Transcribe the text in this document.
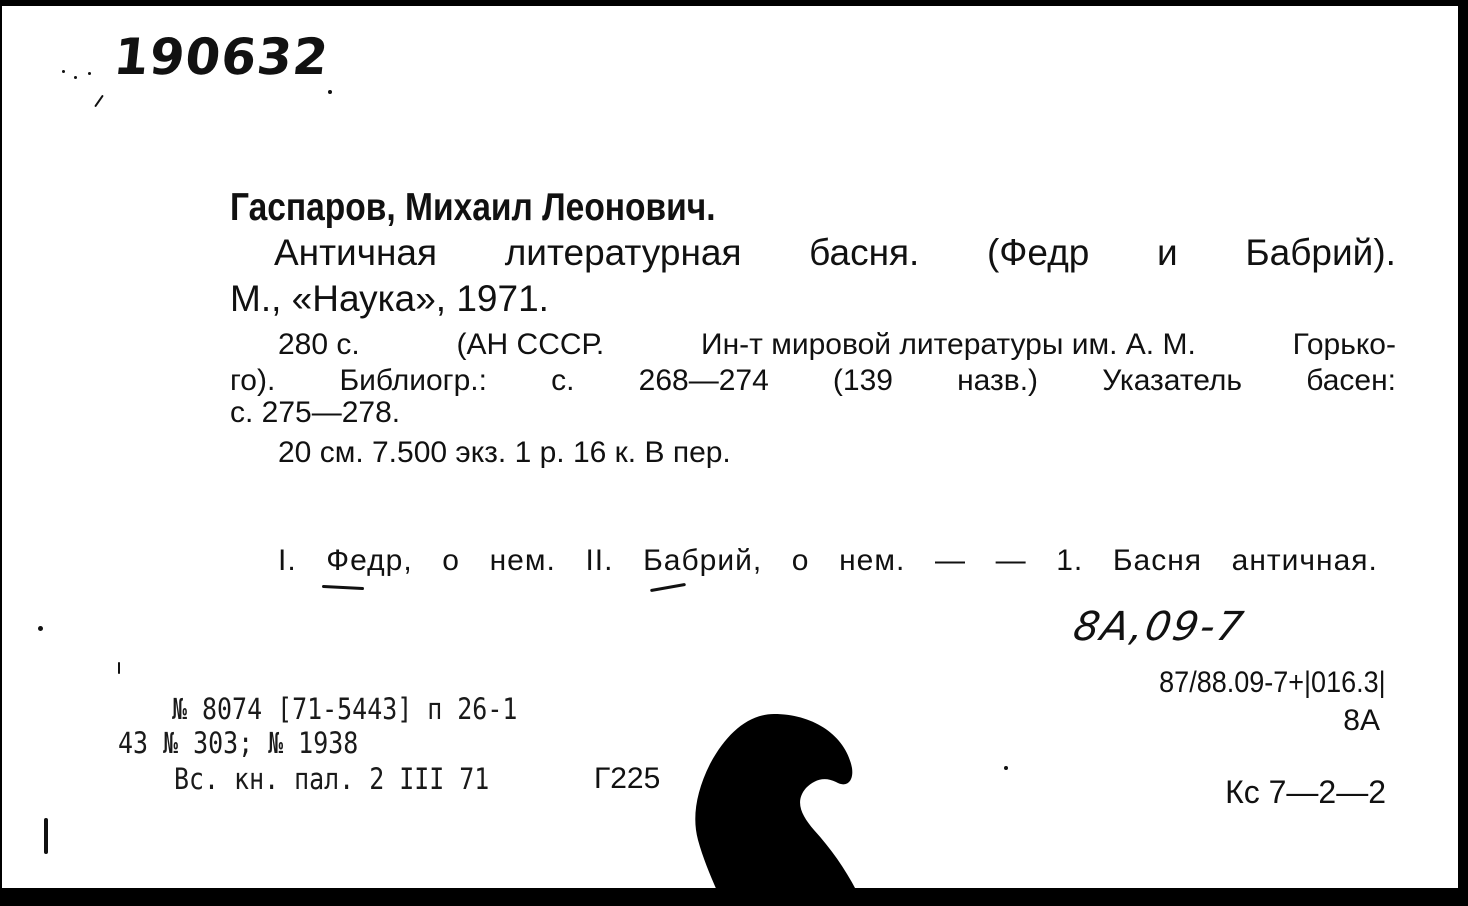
190632
Гаспаров, Михаил Леонович.
Античная литературная басня. (Федр и Бабрий).
М., «Наука», 1971.
280 с.	(АН СССР.	Ин-т мировой литературы им. А. М.	Горько-
го). Библиогр.: с. 268—274 (139 назв.) Указатель басен:
с. 275—278.
20 см. 7.500 экз. 1 р. 16 к. В пер.
I. Федр, о нем. II. Бабрий, о нем. — — 1. Басня античная.
8А,09-7
87/88.09-7+|016.3|
8А
Кс 7—2—2
№ 8074 [71-5443] п 26-1
43 № 303; № 1938
Вс. кн. пал. 2 III 71	Г225
